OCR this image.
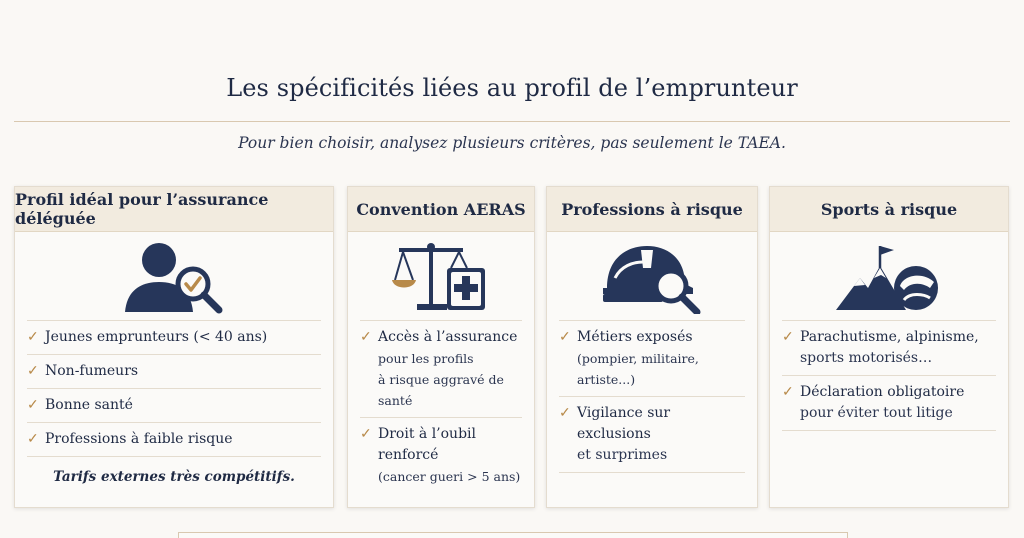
Les spécificités liées au profil de l’emprunteur
Pour bien choisir, analysez plusieurs critères, pas seulement le TAEA.
Profil idéal pour l’assurance déléguée
✓ Jeunes emprunteurs (< 40 ans)
✓ Non-fumeurs
✓ Bonne santé
✓ Professions à faible risque
Tarifs externes très compétitifs.
Convention AERAS
✓ Accès à l’assurance
pour les profils
à risque aggravé de santé
✓ Droit à l’oubil renforcé
(cancer gueri > 5 ans)
Professions à risque
✓ Métiers exposés
(pompier, militaire, artiste...)
✓ Vigilance sur exclusions
et surprimes
Sports à risque
✓ Parachutisme, alpinisme,
sports motorisés…
✓ Déclaration obligatoire
pour éviter tout litige
